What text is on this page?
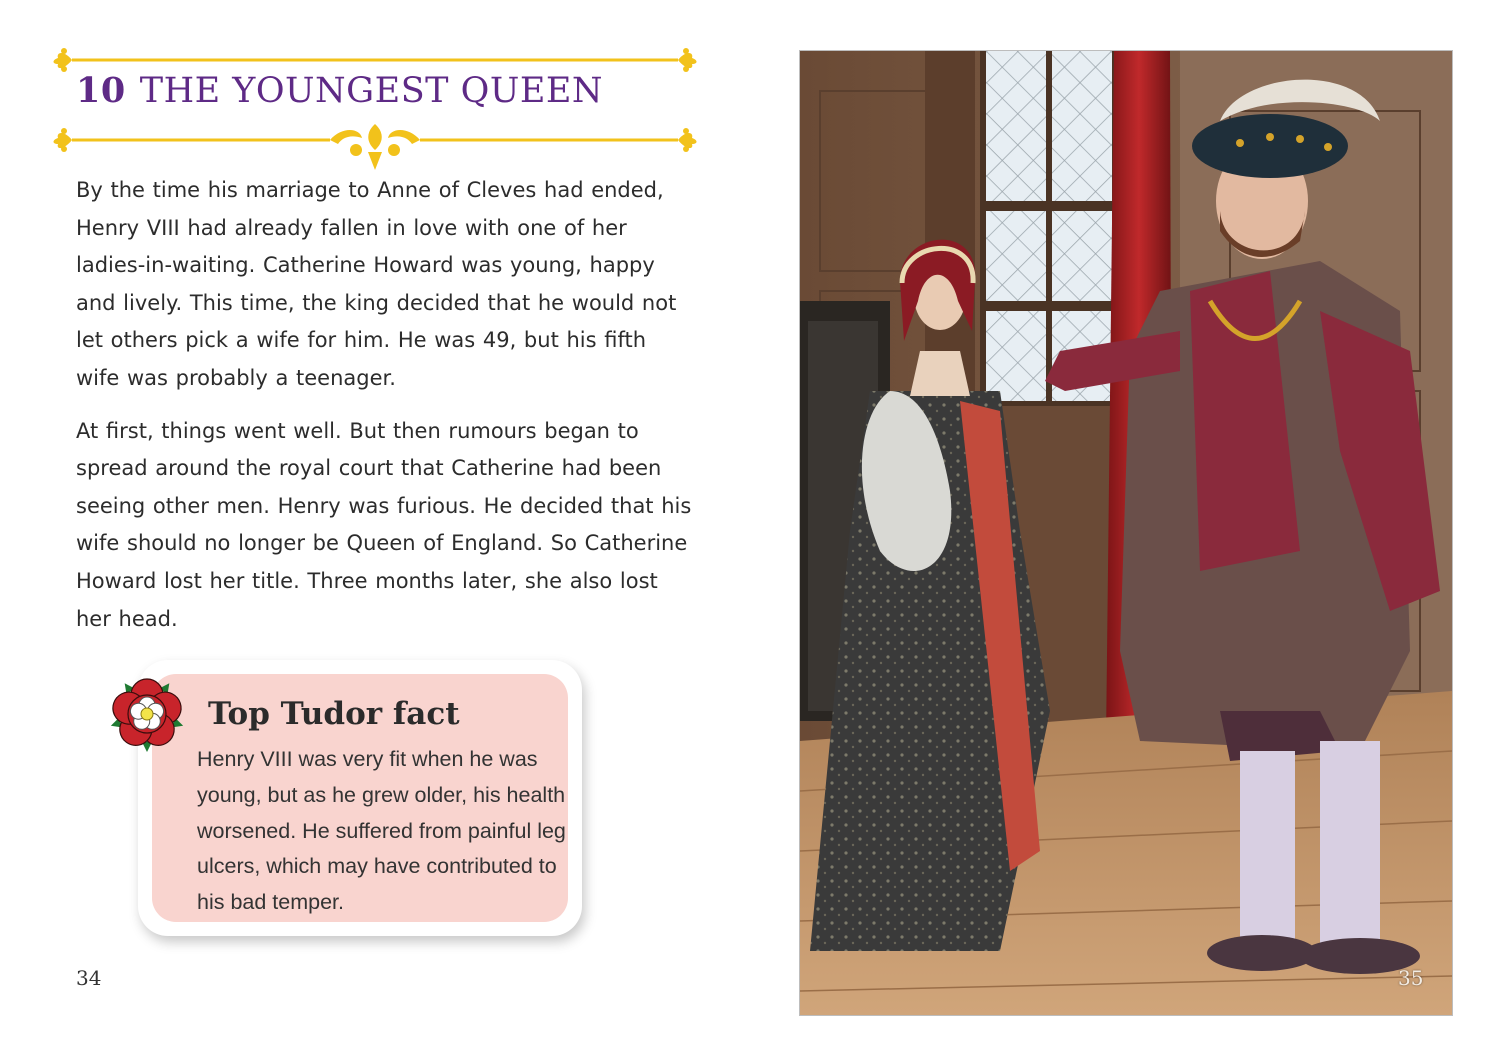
10 THE YOUNGEST QUEEN

By the time his marriage to Anne of Cleves had ended, Henry VIII had already fallen in love with one of her ladies-in-waiting. Catherine Howard was young, happy and lively. This time, the king decided that he would not let others pick a wife for him. He was 49, but his fifth wife was probably a teenager.

At first, things went well. But then rumours began to spread around the royal court that Catherine had been seeing other men. Henry was furious. He decided that his wife should no longer be Queen of England. So Catherine Howard lost her title. Three months later, she also lost her head.

Top Tudor fact

Henry VIII was very fit when he was young, but as he grew older, his health worsened. He suffered from painful leg ulcers, which may have contributed to his bad temper.

34	35
